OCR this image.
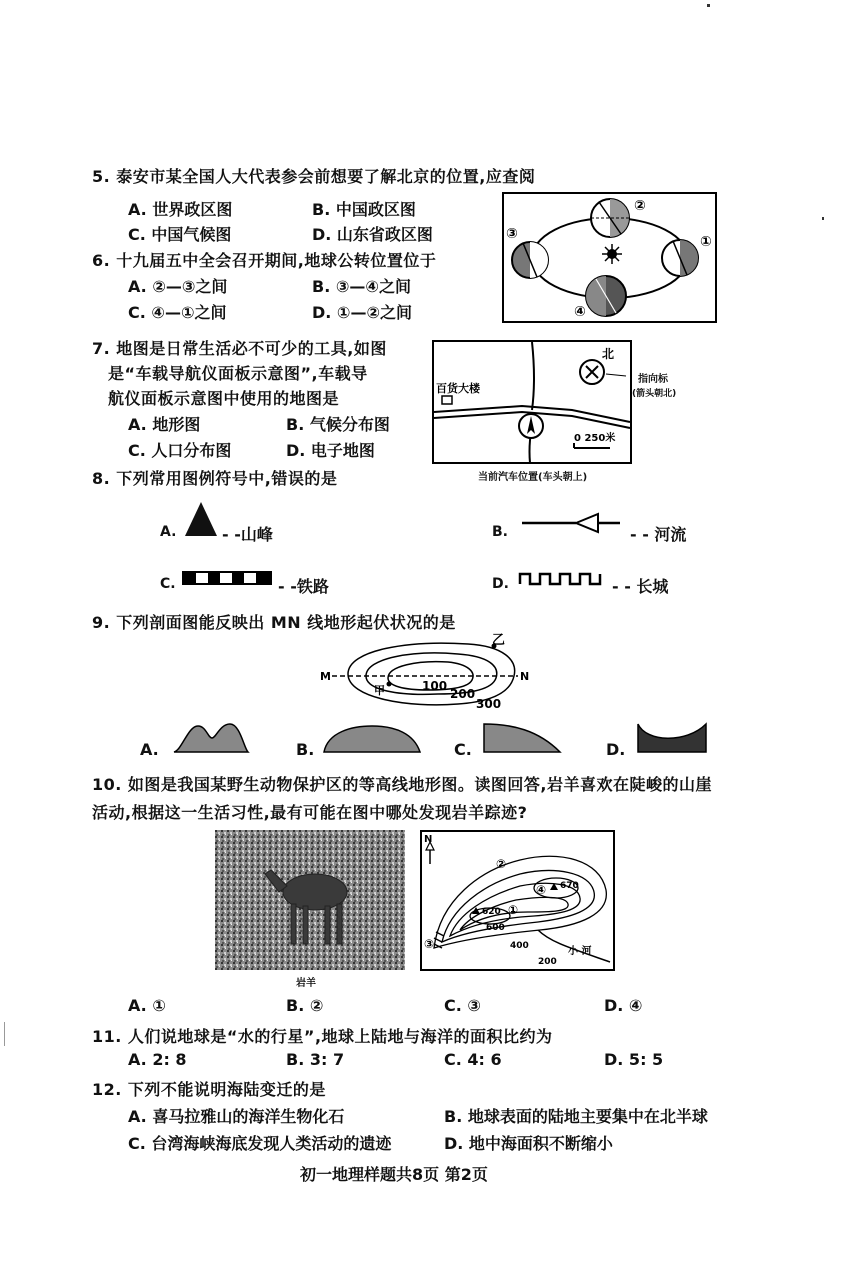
5. 泰安市某全国人大代表参会前想要了解北京的位置,应查阅
A. 世界政区图	B. 中国政区图
C. 中国气候图	D. 山东省政区图
②
③	①
④
6. 十九届五中全会召开期间,地球公转位置位于
A. ②—③之间	B. ③—④之间
C. ④—①之间	D. ①—②之间
7. 地图是日常生活必不可少的工具,如图
是“车载导航仪面板示意图”,车载导
航仪面板示意图中使用的地图是
A. 地形图	B. 气候分布图
C. 人口分布图	D. 电子地图
百货大楼
北
0 250米
指向标
(箭头朝北)
当前汽车位置(车头朝上)
8. 下列常用图例符号中,错误的是
A.	- -山峰	B.	- - 河流
C.	- -铁路	D.	- - 长城
9. 下列剖面图能反映出 MN 线地形起伏状况的是
M	N
乙
甲	100
200
300
A.	B.	C.	D.
10. 如图是我国某野生动物保护区的等高线地形图。读图回答,岩羊喜欢在陡峻的山崖
活动,根据这一生活习性,最有可能在图中哪处发现岩羊踪迹?
岩羊
N
620
670
600
400
200
小 河
①
②
③
④
A. ①	B. ②	C. ③	D. ④
11. 人们说地球是“水的行星”,地球上陆地与海洋的面积比约为
A. 2: 8	B. 3: 7	C. 4: 6	D. 5: 5
12. 下列不能说明海陆变迁的是
A. 喜马拉雅山的海洋生物化石	B. 地球表面的陆地主要集中在北半球
C. 台湾海峡海底发现人类活动的遗迹	D. 地中海面积不断缩小
初一地理样题共8页 第2页
